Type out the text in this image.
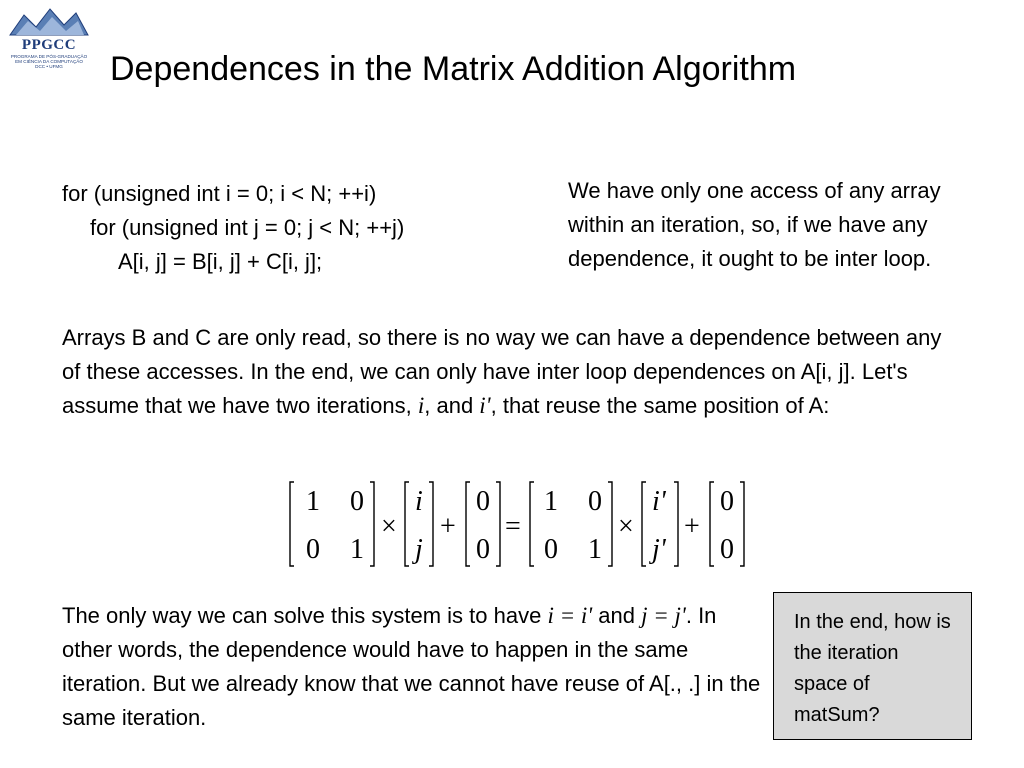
PPGCC
PROGRAMA DE PÓS-GRADUAÇÃO
EM CIÊNCIA DA COMPUTAÇÃO
DCC • UFMG	Dependences in the Matrix Addition Algorithm
for (unsigned int i = 0; i < N; ++i)
for (unsigned int j = 0; j < N; ++j)
A[i, j] = B[i, j] + C[i, j];
We have only one access of any array within an iteration, so, if we have any dependence, it ought to be inter loop.
Arrays B and C are only read, so there is no way we can have a dependence between any of these accesses. In the end, we can only have inter loop dependences on A[i, j]. Let's assume that we have two iterations, i, and i', that reuse the same position of A:
1 0
0 1
×
i
j
+
0
0
=
1 0
0 1
×
i'
j'
+
0
0
The only way we can solve this system is to have i = i' and j = j'. In other words, the dependence would have to happen in the same iteration. But we already know that we cannot have reuse of A[., .] in the same iteration.
In the end, how is the iteration space of matSum?
